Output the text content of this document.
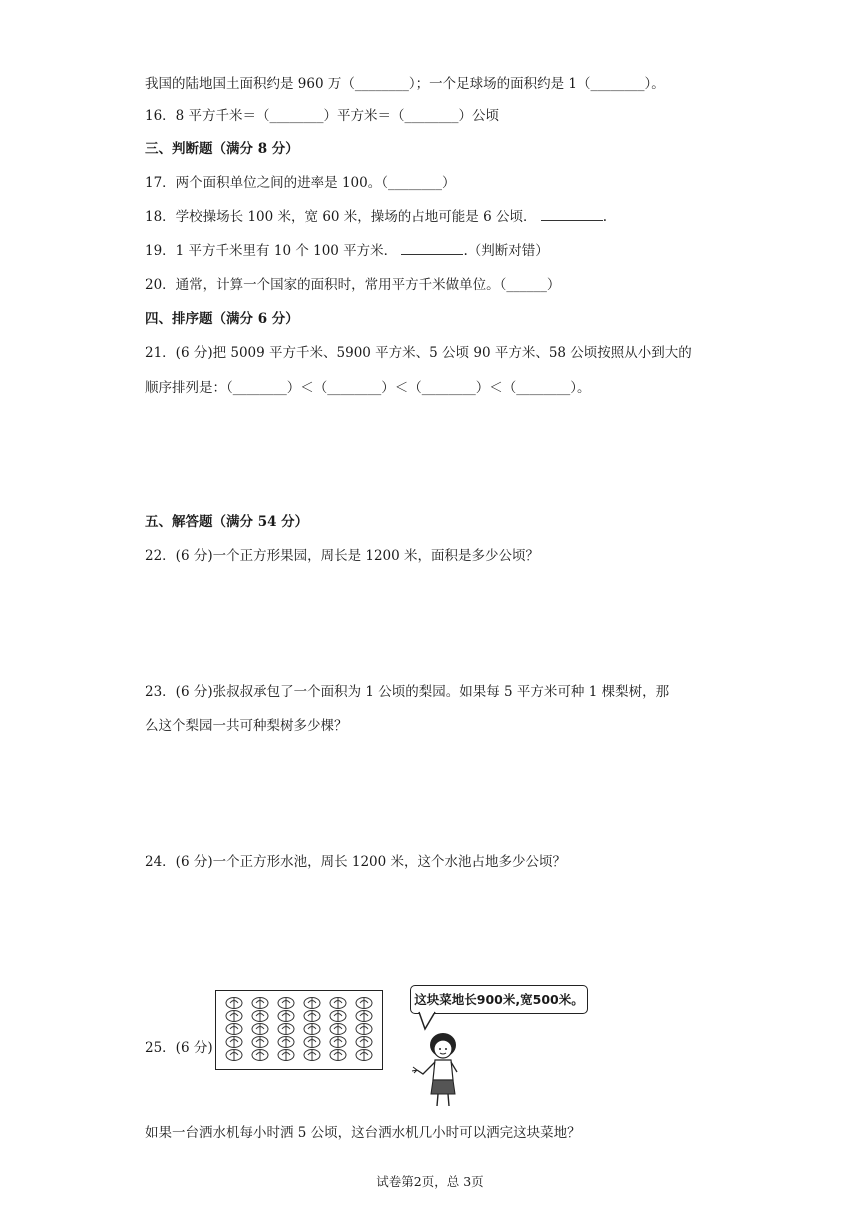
我国的陆地国土面积约是 960 万（________）；一个足球场的面积约是 1（________）。
16．8 平方千米＝（________）平方米＝（________）公顷
三、判断题（满分 8 分）
17．两个面积单位之间的进率是 100。（________）
18．学校操场长 100 米，宽 60 米，操场的占地可能是 6 公顷．	.
19．1 平方千米里有 10 个 100 平方米．	.（判断对错）
20．通常，计算一个国家的面积时，常用平方千米做单位。（______）
四、排序题（满分 6 分）
21．(6 分)把 5009 平方千米、5900 平方米、5 公顷 90 平方米、58 公顷按照从小到大的
顺序排列是：（________）＜（________）＜（________）＜（________）。
五、解答题（满分 54 分）
22．(6 分)一个正方形果园，周长是 1200 米，面积是多少公顷？
23．(6 分)张叔叔承包了一个面积为 1 公顷的梨园。如果每 5 平方米可种 1 棵梨树，那
么这个梨园一共可种梨树多少棵？
24．(6 分)一个正方形水池，周长 1200 米，这个水池占地多少公顷？
25．(6 分)
这块菜地长900米,宽500米。
如果一台洒水机每小时洒 5 公顷，这台洒水机几小时可以洒完这块菜地？
试卷第2页，总 3页
